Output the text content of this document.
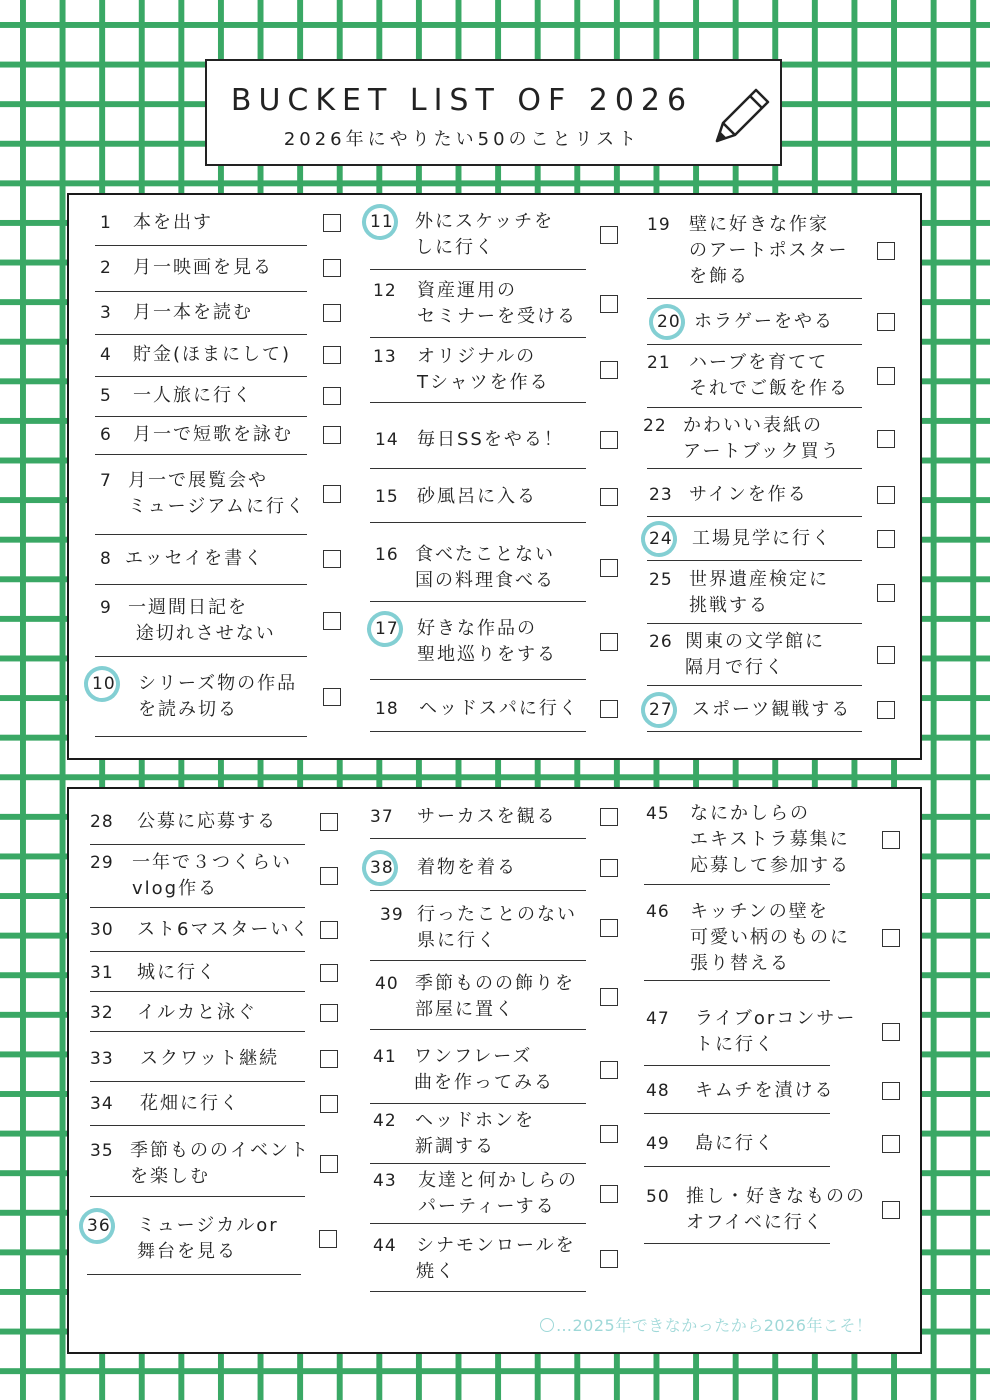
BUCKET LIST OF 2026
2026年にやりたい50のことリスト
1 本を出す
2 月一映画を見る
3 月一本を読む
4 貯金(ほまにして)
5 一人旅に行く
6 月一で短歌を詠む
7 月一で展覧会や
ミュージアムに行く
8 エッセイを書く
9 一週間日記を
途切れさせない
10 シリーズ物の作品
を読み切る
11 外にスケッチを
しに行く
12 資産運用の
セミナーを受ける
13 オリジナルの
Tシャツを作る
14 毎日SSをやる！
15 砂風呂に入る
16 食べたことない
国の料理食べる
17 好きな作品の
聖地巡りをする
18 ヘッドスパに行く
19 壁に好きな作家
のアートポスター
を飾る
20 ホラゲーをやる
21 ハーブを育てて
それでご飯を作る
22 かわいい表紙の
アートブック買う
23 サインを作る
24 工場見学に行く
25 世界遺産検定に
挑戦する
26 関東の文学館に
隔月で行く
27 スポーツ観戦する
28 公募に応募する
29 一年で３つくらい
vlog作る
30 スト6マスターいく
31 城に行く
32 イルカと泳ぐ
33 スクワット継続
34 花畑に行く
35 季節もののイベント
を楽しむ
36 ミュージカルor
舞台を見る
37 サーカスを観る
38 着物を着る
39 行ったことのない
県に行く
40 季節ものの飾りを
部屋に置く
41 ワンフレーズ
曲を作ってみる
42 ヘッドホンを
新調する
43 友達と何かしらの
パーティーする
44 シナモンロールを
焼く
45 なにかしらの
エキストラ募集に
応募して参加する
46 キッチンの壁を
可愛い柄のものに
張り替える
47 ライブorコンサー
トに行く
48 キムチを漬ける
49 島に行く
50 推し・好きなものの
オフイベに行く
…2025年できなかったから2026年こそ！
